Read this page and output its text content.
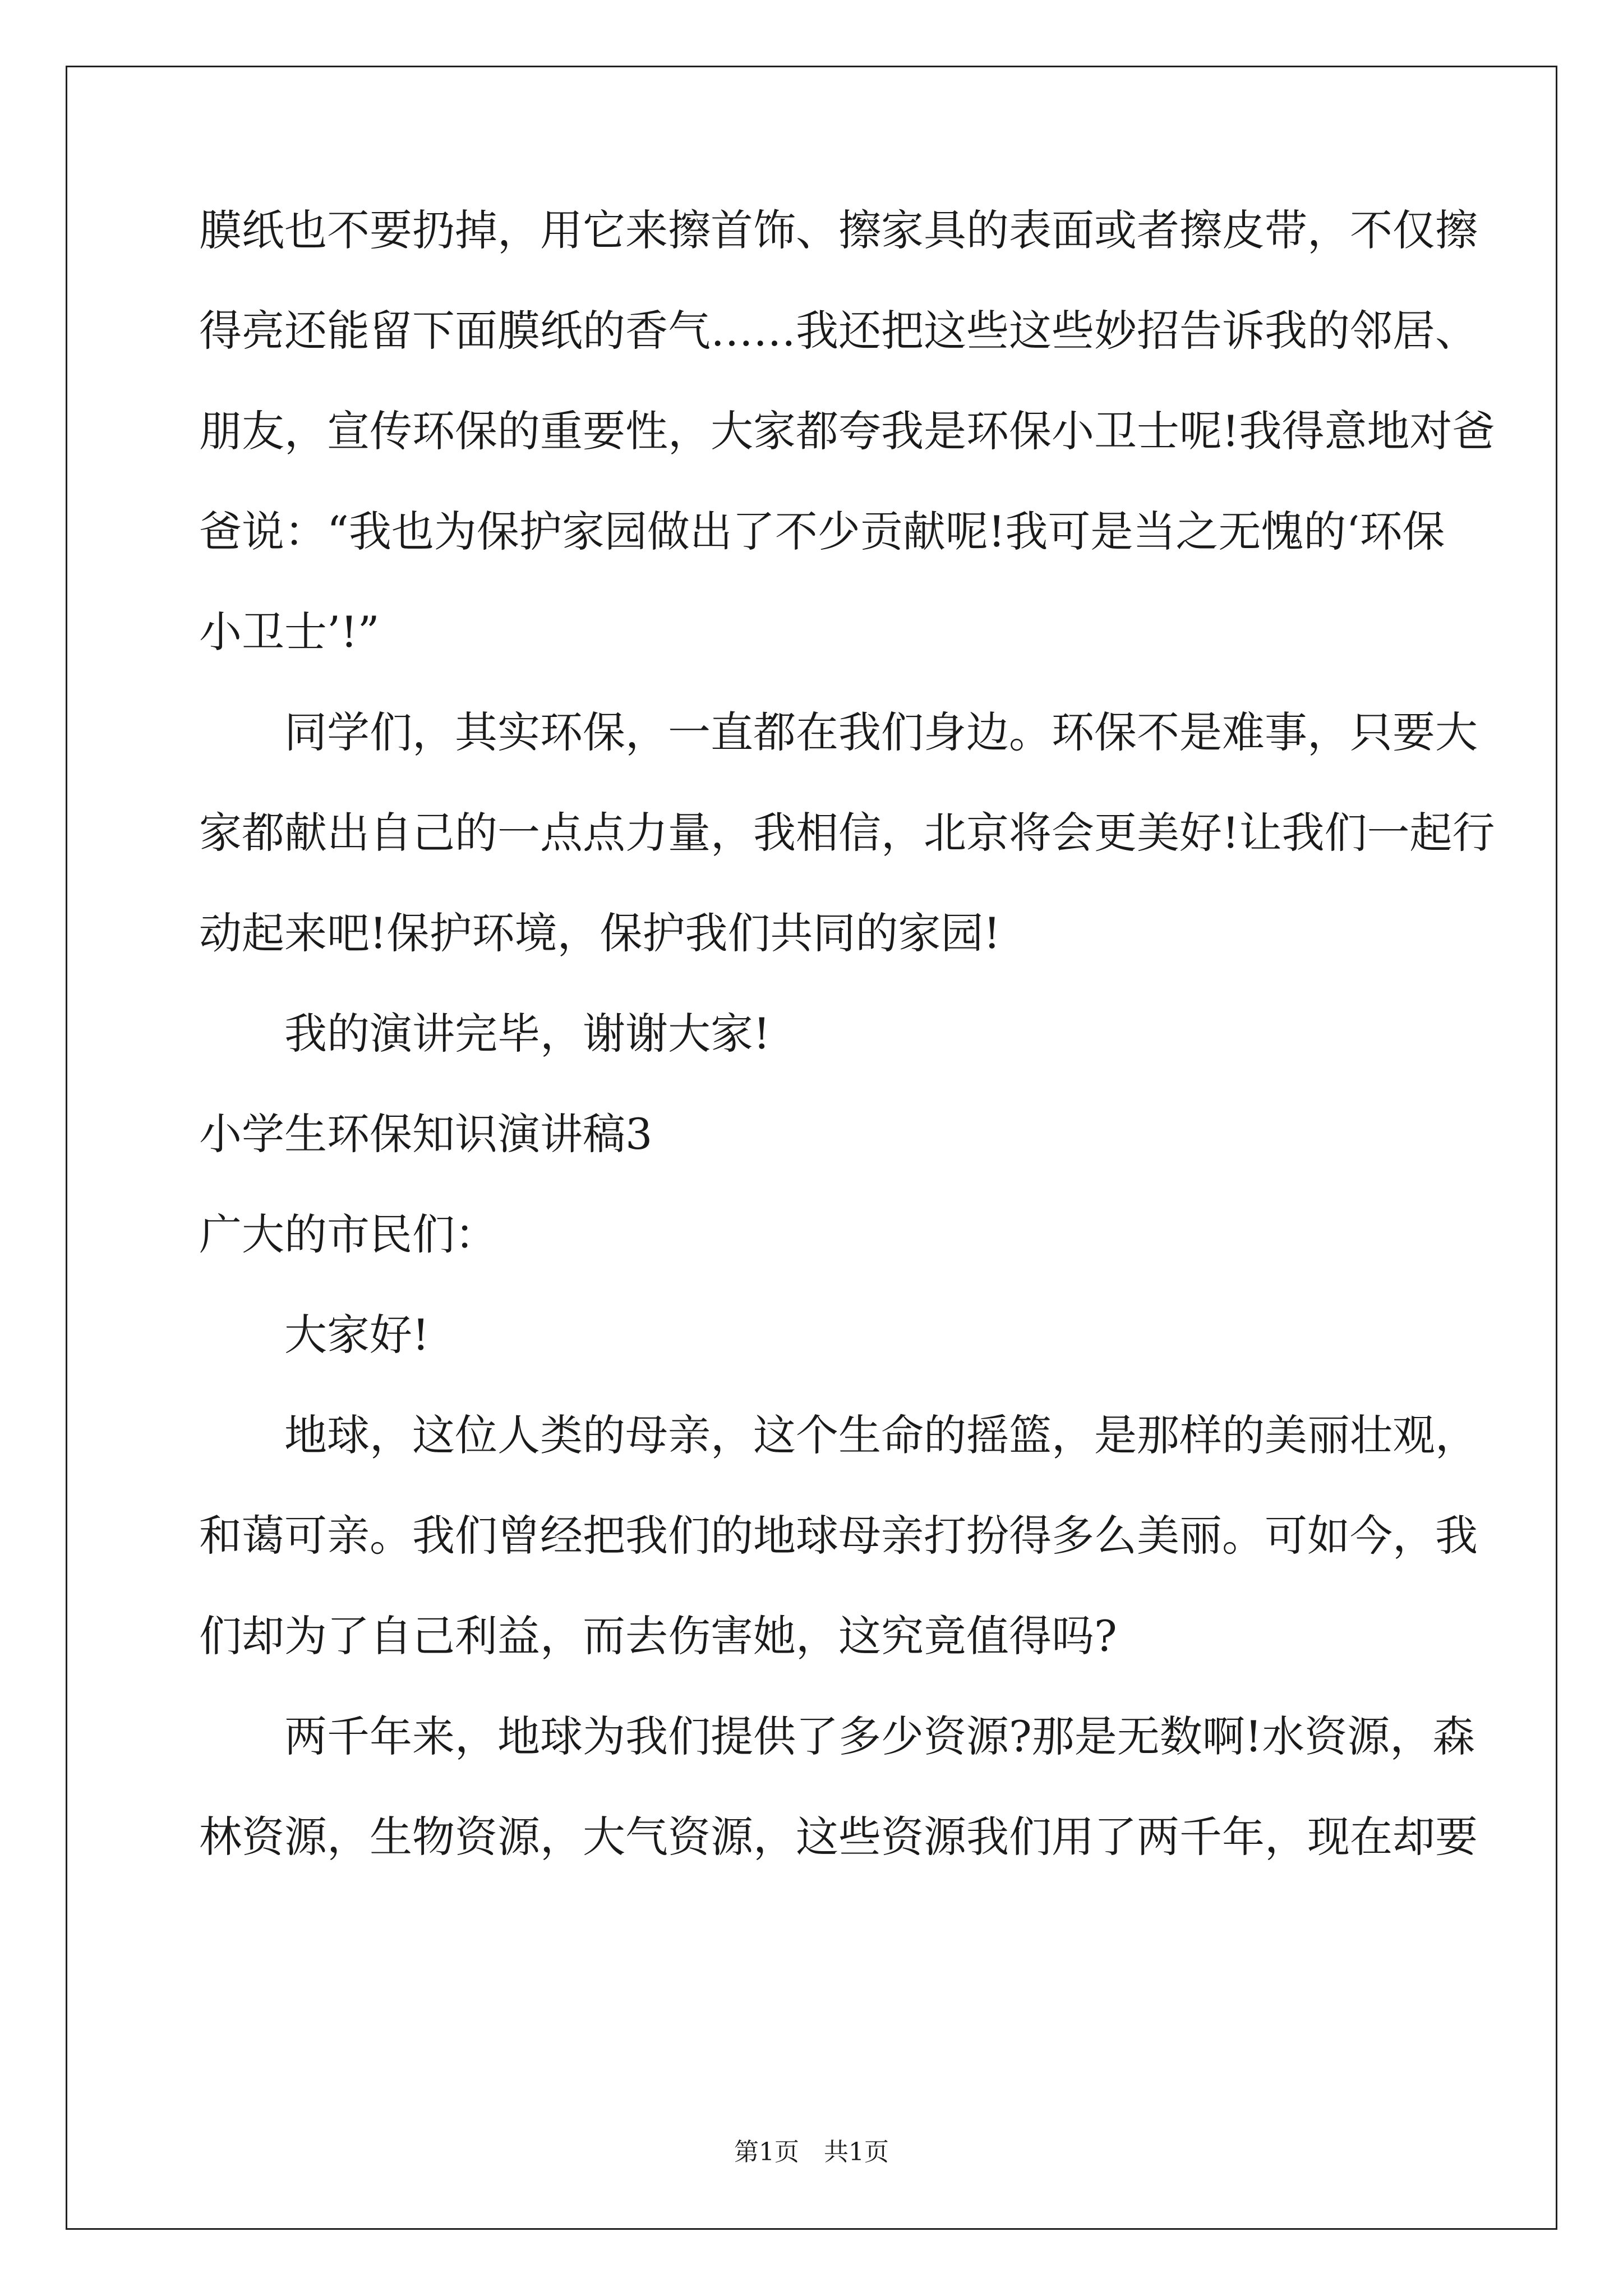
膜纸也不要扔掉，用它来擦首饰、擦家具的表面或者擦皮带，不仅擦
得亮还能留下面膜纸的香气……我还把这些这些妙招告诉我的邻居、
朋友，宣传环保的重要性，大家都夸我是环保小卫士呢!我得意地对爸
爸说：“我也为保护家园做出了不少贡献呢!我可是当之无愧的‘环保
小卫士’!”
　　同学们，其实环保，一直都在我们身边。环保不是难事，只要大
家都献出自己的一点点力量，我相信，北京将会更美好!让我们一起行
动起来吧!保护环境，保护我们共同的家园!
　　我的演讲完毕，谢谢大家!
小学生环保知识演讲稿3
广大的市民们：
　　大家好!
　　地球，这位人类的母亲，这个生命的摇篮，是那样的美丽壮观，
和蔼可亲。我们曾经把我们的地球母亲打扮得多么美丽。可如今，我
们却为了自己利益，而去伤害她，这究竟值得吗?
　　两千年来，地球为我们提供了多少资源?那是无数啊!水资源，森
林资源，生物资源，大气资源，这些资源我们用了两千年，现在却要
第1页　共1页
